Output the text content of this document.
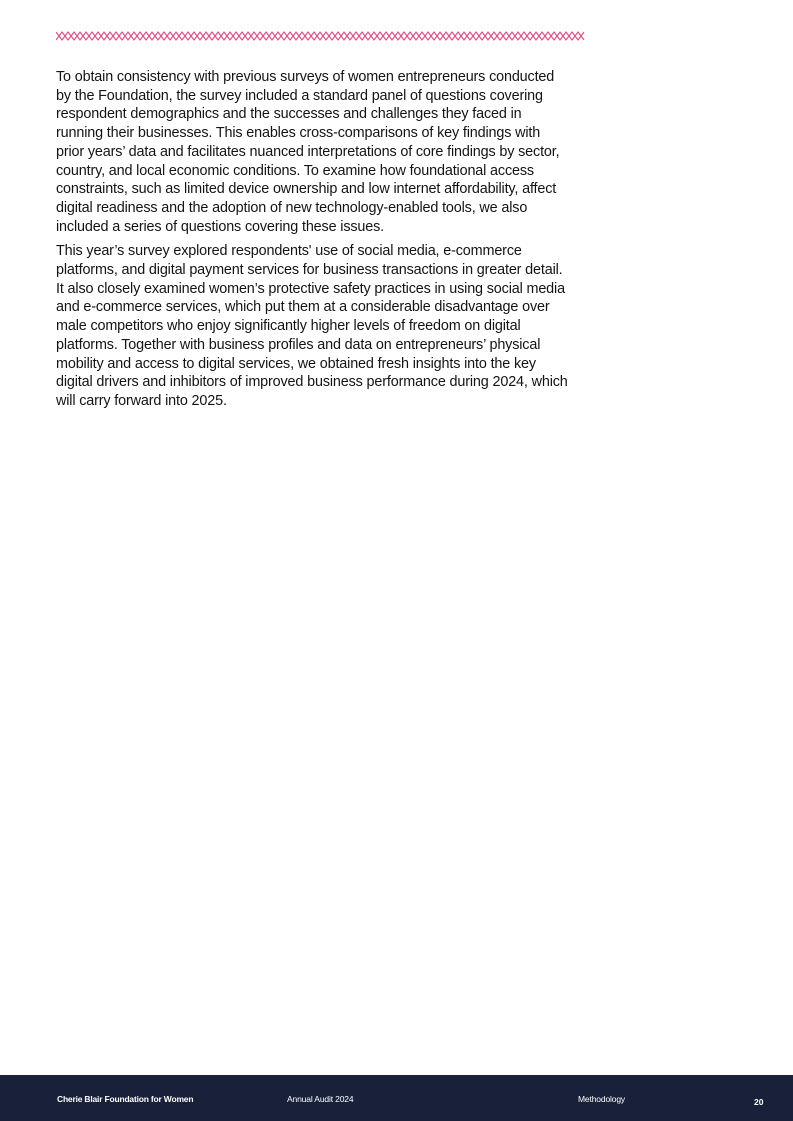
To obtain consistency with previous surveys of women entrepreneurs conducted by the Foundation, the survey included a standard panel of questions covering respondent demographics and the successes and challenges they faced in running their businesses. This enables cross-comparisons of key findings with prior years’ data and facilitates nuanced interpretations of core findings by sector, country, and local economic conditions. To examine how foundational access constraints, such as limited device ownership and low internet affordability, affect digital readiness and the adoption of new technology-enabled tools, we also included a series of questions covering these issues.

This year’s survey explored respondents' use of social media, e-commerce platforms, and digital payment services for business transactions in greater detail. It also closely examined women’s protective safety practices in using social media and e-commerce services, which put them at a considerable disadvantage over male competitors who enjoy significantly higher levels of freedom on digital platforms. Together with business profiles and data on entrepreneurs’ physical mobility and access to digital services, we obtained fresh insights into the key digital drivers and inhibitors of improved business performance during 2024, which will carry forward into 2025.

Cherie Blair Foundation for Women	Annual Audit 2024	Methodology	20
